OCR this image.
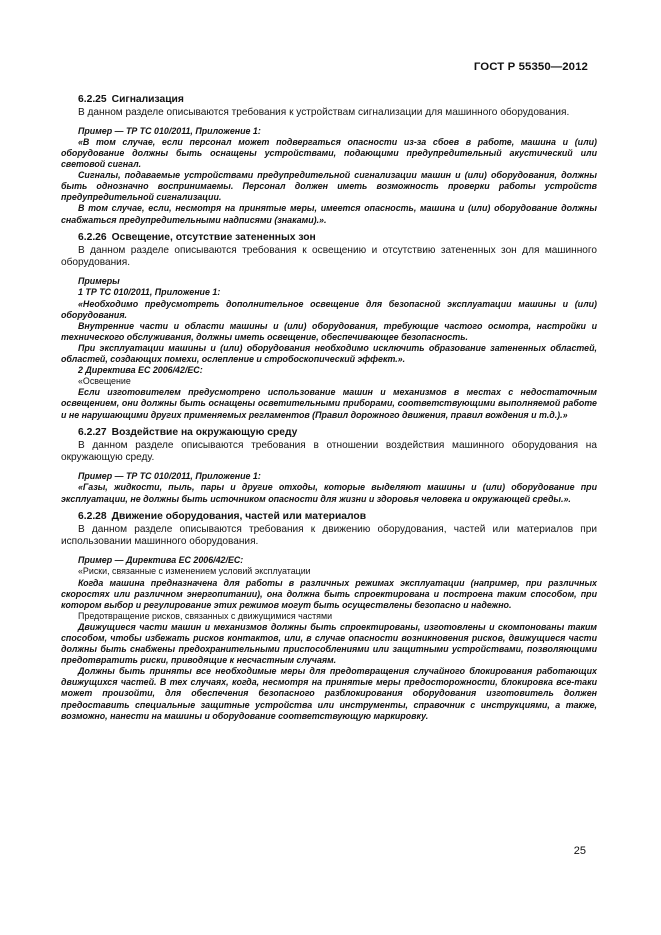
ГОСТ Р 55350—2012
6.2.25 Сигнализация

В данном разделе описываются требования к устройствам сигнализации для машинного оборудования.

Пример — ТР ТС 010/2011, Приложение 1:

«В том случае, если персонал может подвергаться опасности из-за сбоев в работе, машина и (или) оборудование должны быть оснащены устройствами, подающими предупредительный акустический или световой сигнал.

Сигналы, подаваемые устройствами предупредительной сигнализации машин и (или) оборудования, должны быть однозначно воспринимаемы. Персонал должен иметь возможность проверки работы устройств предупредительной сигнализации.

В том случае, если, несмотря на принятые меры, имеется опасность, машина и (или) оборудование должны снабжаться предупредительными надписями (знаками).».

6.2.26 Освещение, отсутствие затененных зон

В данном разделе описываются требования к освещению и отсутствию затененных зон для машинного оборудования.

Примеры

1 ТР ТС 010/2011, Приложение 1:

«Необходимо предусмотреть дополнительное освещение для безопасной эксплуатации машины и (или) оборудования.

Внутренние части и области машины и (или) оборудования, требующие частого осмотра, настройки и технического обслуживания, должны иметь освещение, обеспечивающее безопасность.

При эксплуатации машины и (или) оборудования необходимо исключить образование затененных областей, областей, создающих помехи, ослепление и стробоскопический эффект.».

2 Директива ЕС 2006/42/ЕС:

«Освещение

Если изготовителем предусмотрено использование машин и механизмов в местах с недостаточным освещением, они должны быть оснащены осветительными приборами, соответствующими выполняемой работе и не нарушающими других применяемых регламентов (Правил дорожного движения, правил вождения и т.д.).»

6.2.27 Воздействие на окружающую среду

В данном разделе описываются требования в отношении воздействия машинного оборудования на окружающую среду.

Пример — ТР ТС 010/2011, Приложение 1:

«Газы, жидкости, пыль, пары и другие отходы, которые выделяют машины и (или) оборудование при эксплуатации, не должны быть источником опасности для жизни и здоровья человека и окружающей среды.».

6.2.28 Движение оборудования, частей или материалов

В данном разделе описываются требования к движению оборудования, частей или материалов при использовании машинного оборудования.

Пример — Директива ЕС 2006/42/ЕС:

«Риски, связанные с изменением условий эксплуатации

Когда машина предназначена для работы в различных режимах эксплуатации (например, при различных скоростях или различном энергопитании), она должна быть спроектирована и построена таким способом, при котором выбор и регулирование этих режимов могут быть осуществлены безопасно и надежно.

Предотвращение рисков, связанных с движущимися частями

Движущиеся части машин и механизмов должны быть спроектированы, изготовлены и скомпонованы таким способом, чтобы избежать рисков контактов, или, в случае опасности возникновения рисков, движущиеся части должны быть снабжены предохранительными приспособлениями или защитными устройствами, позволяющими предотвратить риски, приводящие к несчастным случаям.

Должны быть приняты все необходимые меры для предотвращения случайного блокирования работающих движущихся частей. В тех случаях, когда, несмотря на принятые меры предосторожности, блокировка все-таки может произойти, для обеспечения безопасного разблокирования оборудования изготовитель должен предоставить специальные защитные устройства или инструменты, справочник с инструкциями, а также, возможно, нанести на машины и оборудование соответствующую маркировку.

25
